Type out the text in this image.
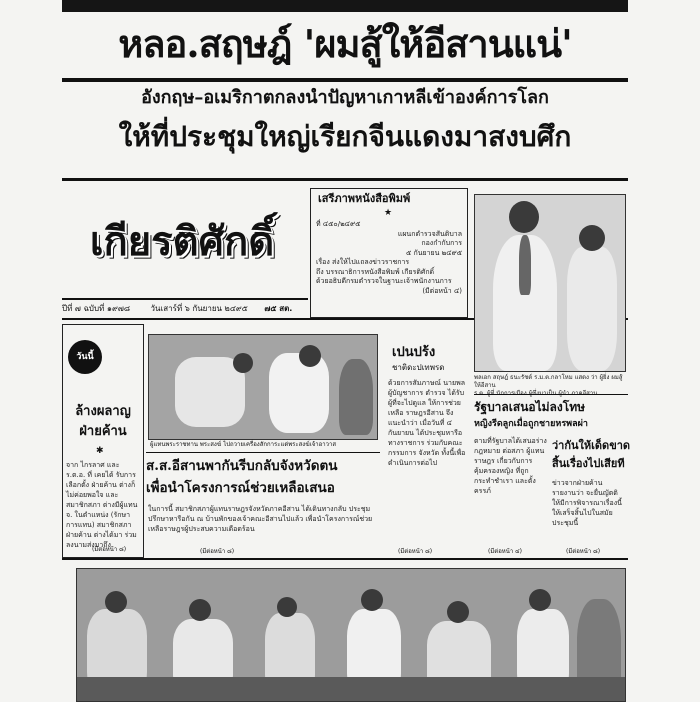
หลอ.สฤษฎ์ 'ผมสู้ให้อีสานแน่'
อังกฤษ–อเมริกาตกลงนำปัญหาเกาหลีเข้าองค์การโลก
ให้ที่ประชุมใหญ่เรียกจีนแดงมาสงบศึก
เกียรติศักดิ์
ปีที่ ๗ ฉบับที่ ๑๙๗๘	วันเสาร์ที่ ๖ กันยายน ๒๔๙๕ ๗๕ สต.
เสรีภาพหนังสือพิมพ์
★
ที่ ๔๕๐/๒๔๙๕
แผนกตำรวจสันติบาล
กองกำกับการ
๕ กันยายน ๒๔๙๕
เรื่อง ส่งให้ไปแถลงข่าวราชการ
ถึง บรรณาธิการหนังสือพิมพ์ เกียรติศักดิ์
ด้วยอธิบดีกรมตำรวจในฐานะเจ้าพนักงานการ
(มีต่อหน้า ๔)
พลเอก สฤษฎ์ ธนะรัชต์ ร.ม.ต.กลาโหม แสดง ว่า ผู้ยิ่ง ผมสู้ให้อีสาน
วันนี้
ล้างผลาญ ฝ่ายค้าน
✱
จาก ไกรลาศ และ ร.ต.อ. ที่ เคยได้ รับการเลือกตั้ง ฝ่ายค้าน ต่างก็ไม่ค่อยพอใจ และ สมาชิกสภา ต่างมีผู้แทน จ. ในตำแหน่ง (รักษาการแทน) สมาชิกสภาฝ่ายค้าน ต่างได้มา ร่วมลงนามส่งมาถึง
(มีต่อหน้า ๘)
ผู้แทนพระราชทาน พระสงฆ์ ไปถวายเครื่องสักการะแด่พระสงฆ์เจ้าอาวาส
ส.ส.อีสานพากันรีบกลับจังหวัดตน
เพื่อนำโครงการณ์ช่วยเหลือเสนอ
ในการนี้ สมาชิกสภาผู้แทนราษฎรจังหวัดภาคอีสาน ได้เดินทางกลับ ประชุมปรึกษาหารือกัน ณ บ้านพักของเจ้าคณะอีสานไปแล้ว เพื่อนำโครงการณ์ช่วยเหลือราษฎรผู้ประสบความเดือดร้อน
(มีต่อหน้า ๘)
เปนปร้ง
ชาติดะปเทพรด
ด้วยการสัมภาษณ์ นายพล ผู้บัญชาการ ตำรวจ ได้รับ ผู้ที่จะไปดูแล ให้การช่วยเหลือ ราษฎรอีสาน จึงแนะนำว่า เมื่อวันที่ ๔ กันยายน ได้ประชุมหารือ ทางราชการ ร่วมกับคณะกรรมการ จังหวัด ทั้งนี้เพื่อ ดำเนินการต่อไป
(มีต่อหน้า ๘)
รัฐบาลเสนอไม่ลงโทษ
หญิงรีดลูกเมื่อถูกชายหรพลผ่า
ตามที่รัฐบาลได้เสนอร่างกฎหมาย ต่อสภา ผู้แทนราษฎร เกี่ยวกับการคุ้มครองหญิง ที่ถูกกระทำชำเรา และตั้งครรภ์
(มีต่อหน้า ๔)
ว่ากันให้เด็ดขาด
สิ้นเรื่องไปเสียที
ข่าวจากฝ่ายค้านรายงานว่า จะยื่นญัตติ ให้มีการพิจารณาเรื่องนี้ ให้เสร็จสิ้นไปในสมัยประชุมนี้
(มีต่อหน้า ๘)
